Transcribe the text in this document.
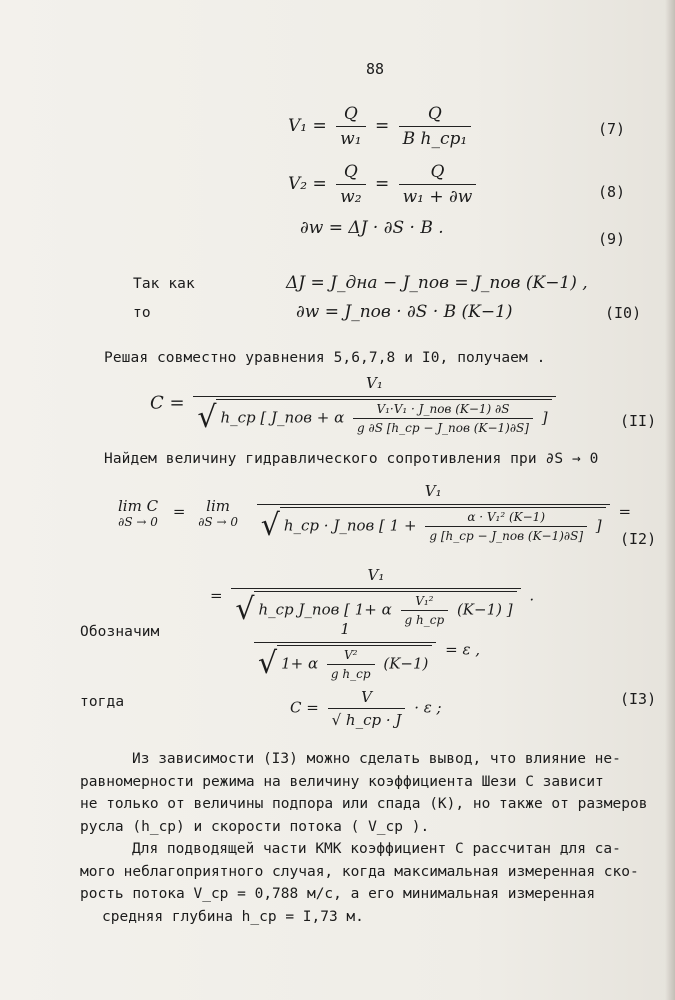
88
$V_1 = \frac{Q}{\text{w₁}} = \frac{Q}{\text{B h\_cp₁}}$	(7)
$V_2 = \frac{Q}{\text{w₂}} = \frac{Q}{\text{w₁ + ∂w}}$	(8)
∂w = ΔJ · ∂S · B .
(9)
Так как	ΔJ = J_дна − J_пов = J_пов (K−1) ,
то	∂w = J_пов · ∂S · B (K−1)	(I0)
Решая совместно уравнения 5,6,7,8 и I0, получаем .
C =
V₁
√ h_cp [ J_пов + α $\frac{\text{V₁·V₁ · J\_пов (K−1) ∂S}}{\text{g ∂S [h\_cp − J\_пов (K−1)∂S]}}$ ]	(II)
Найдем величину гидравлического сопротивления при ∂S → 0
lim C
∂S → 0
= lim
∂S → 0

V₁
√ h_cp · J_пов [ $1 + \frac{\text{α · V₁² (K−1)}}{\text{g [h\_cp − J\_пов (K−1)∂S]}}$ ]
=
(I2)
=
V₁
√ h_cp J_пов [ 1+ α $\frac{\text{V₁²}}{\text{g h\_cp}} (K-1)$ ]
.
Обозначим	$\frac{1}{√ 1+ \alpha \frac{\text{V²}}{\text{g h\_cp}} (K-1)} = \varepsilon$ ,
тогда	$C = \frac{V}{√ h\_cp \cdot J} \cdot \varepsilon$ ;	(I3)
Из зависимости (I3) можно сделать вывод, что влияние не-
равномерности режима на величину коэффициента Шези C зависит
не только от величины подпора или спада (К), но также от размеров
русла (h_cp) и скорости потока ( V_cp ).
Для подводящей части КМК коэффициент C рассчитан для са-
мого неблагоприятного случая, когда максимальная измеренная ско-
рость потока V_cp = 0,788 м/с, а его минимальная измеренная
средняя глубина h_cp = I,73 м.
